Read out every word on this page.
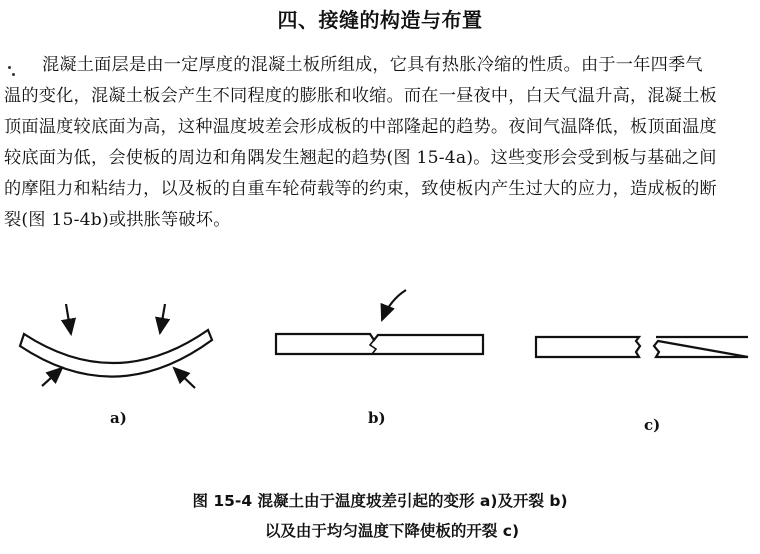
四、接缝的构造与布置
混凝土面层是由一定厚度的混凝土板所组成，它具有热胀冷缩的性质。由于一年四季气
温的变化，混凝土板会产生不同程度的膨胀和收缩。而在一昼夜中，白天气温升高，混凝土板
顶面温度较底面为高，这种温度坡差会形成板的中部隆起的趋势。夜间气温降低，板顶面温度
较底面为低，会使板的周边和角隅发生翘起的趋势(图 15-4a)。这些变形会受到板与基础之间
的摩阻力和粘结力，以及板的自重车轮荷载等的约束，致使板内产生过大的应力，造成板的断
裂(图 15-4b)或拱胀等破坏。
a)	b)	c)
图 15-4 混凝土由于温度坡差引起的变形 a)及开裂 b)
以及由于均匀温度下降使板的开裂 c)
